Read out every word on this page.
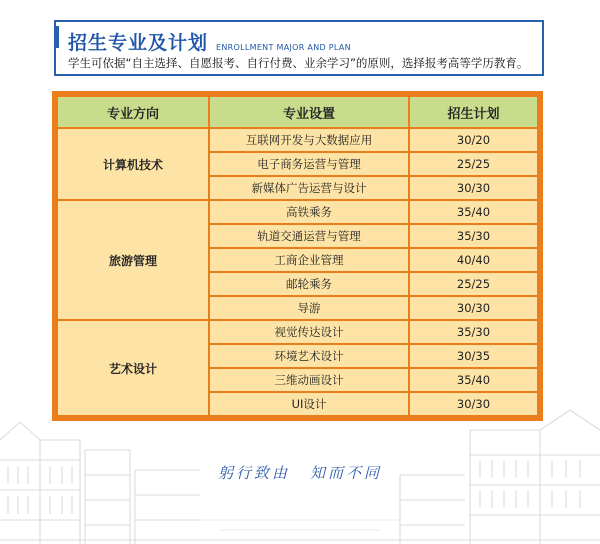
招生专业及计划 ENROLLMENT MAJOR AND PLAN
学生可依据“自主选择、自愿报考、自行付费、业余学习”的原则，选择报考高等学历教育。
专业方向	专业设置	招生计划
计算机技术	互联网开发与大数据应用	30/20
	电子商务运营与管理	25/25
	新媒体广告运营与设计	30/30
旅游管理	高铁乘务	35/40
	轨道交通运营与管理	35/30
	工商企业管理	40/40
	邮轮乘务	25/25
	导游	30/30
艺术设计	视觉传达设计	35/30
	环境艺术设计	30/35
	三维动画设计	35/40
	UI设计	30/30
躬行致由 知而不同
